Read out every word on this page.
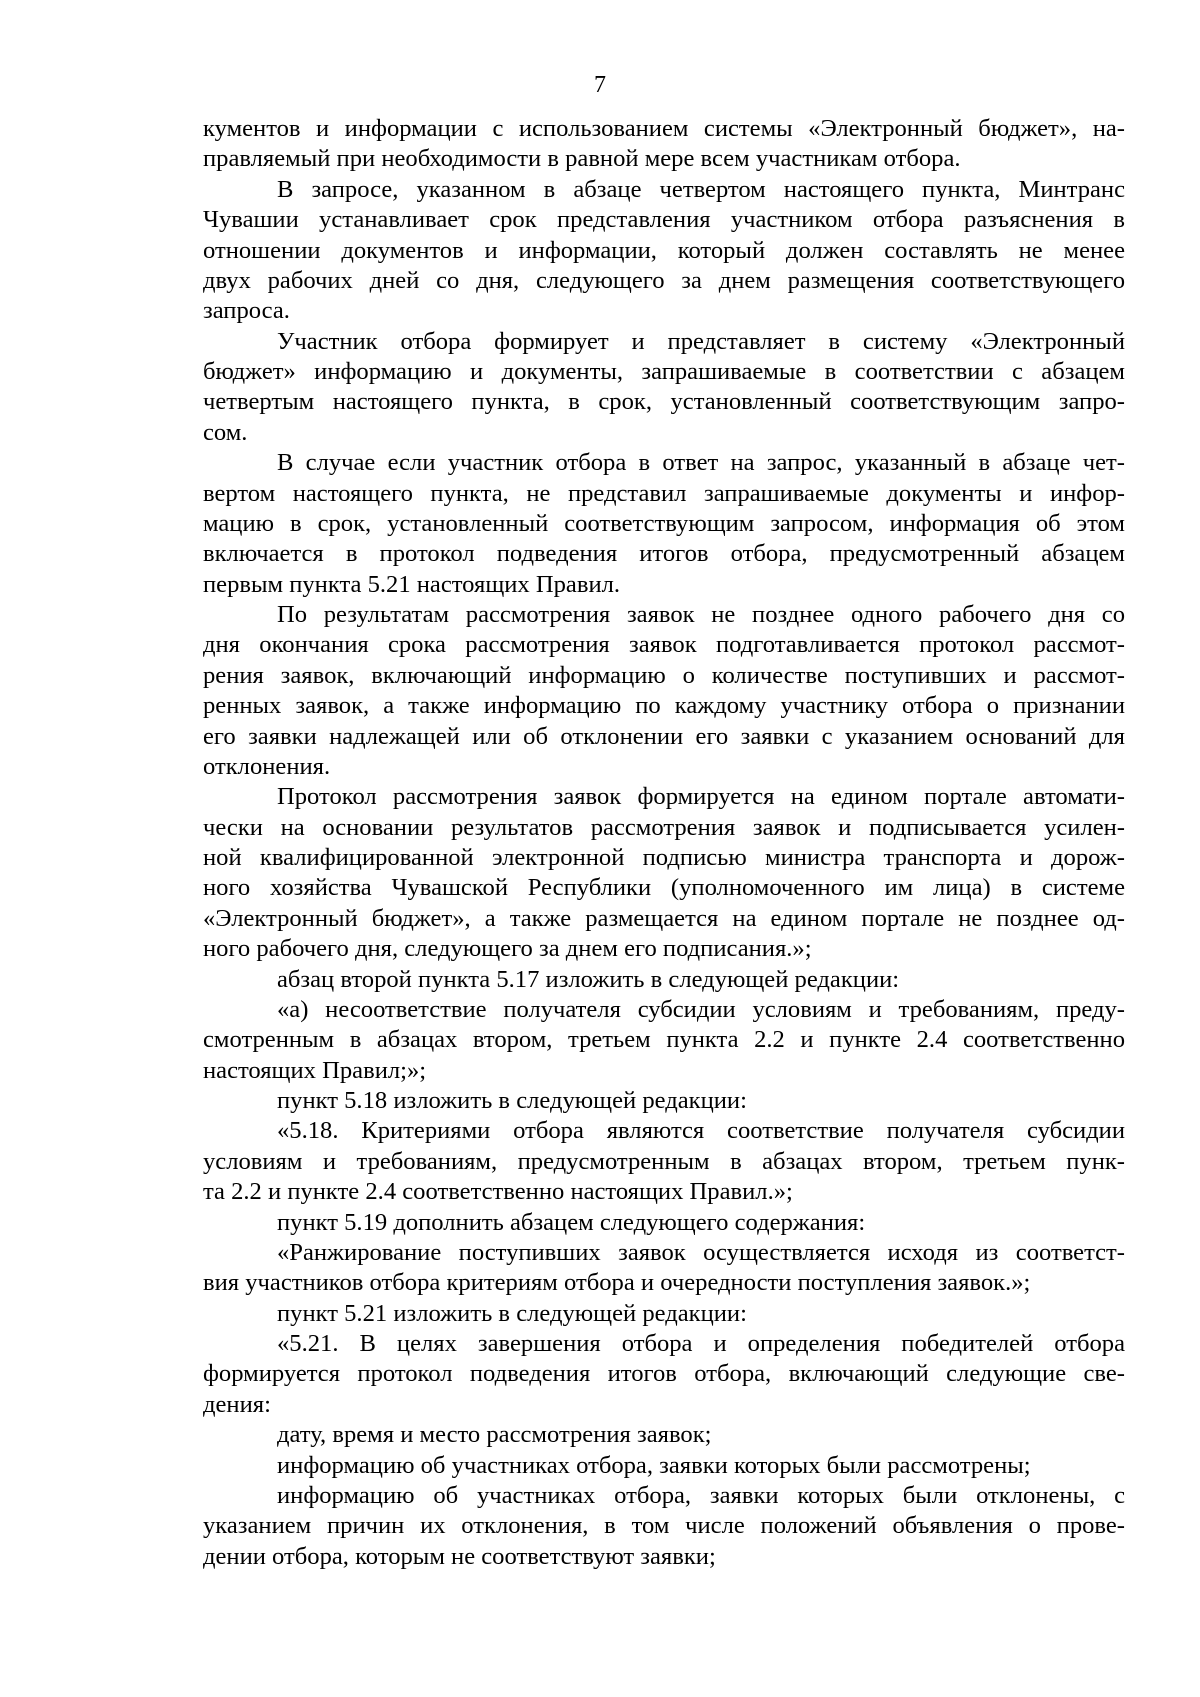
7
кументов и информации с использованием системы «Электронный бюджет», на-
правляемый при необходимости в равной мере всем участникам отбора.
В запросе, указанном в абзаце четвертом настоящего пункта, Минтранс
Чувашии устанавливает срок представления участником отбора разъяснения в
отношении документов и информации, который должен составлять не менее
двух рабочих дней со дня, следующего за днем размещения соответствующего
запроса.
Участник отбора формирует и представляет в систему «Электронный
бюджет» информацию и документы, запрашиваемые в соответствии с абзацем
четвертым настоящего пункта, в срок, установленный соответствующим запро-
сом.
В случае если участник отбора в ответ на запрос, указанный в абзаце чет-
вертом настоящего пункта, не представил запрашиваемые документы и инфор-
мацию в срок, установленный соответствующим запросом, информация об этом
включается в протокол подведения итогов отбора, предусмотренный абзацем
первым пункта 5.21 настоящих Правил.
По результатам рассмотрения заявок не позднее одного рабочего дня со
дня окончания срока рассмотрения заявок подготавливается протокол рассмот-
рения заявок, включающий информацию о количестве поступивших и рассмот-
ренных заявок, а также информацию по каждому участнику отбора о признании
его заявки надлежащей или об отклонении его заявки с указанием оснований для
отклонения.
Протокол рассмотрения заявок формируется на едином портале автомати-
чески на основании результатов рассмотрения заявок и подписывается усилен-
ной квалифицированной электронной подписью министра транспорта и дорож-
ного хозяйства Чувашской Республики (уполномоченного им лица) в системе
«Электронный бюджет», а также размещается на едином портале не позднее од-
ного рабочего дня, следующего за днем его подписания.»;
абзац второй пункта 5.17 изложить в следующей редакции:
«а) несоответствие получателя субсидии условиям и требованиям, преду-
смотренным в абзацах втором, третьем пункта 2.2 и пункте 2.4 соответственно
настоящих Правил;»;
пункт 5.18 изложить в следующей редакции:
«5.18. Критериями отбора являются соответствие получателя субсидии
условиям и требованиям, предусмотренным в абзацах втором, третьем пунк-
та 2.2 и пункте 2.4 соответственно настоящих Правил.»;
пункт 5.19 дополнить абзацем следующего содержания:
«Ранжирование поступивших заявок осуществляется исходя из соответст-
вия участников отбора критериям отбора и очередности поступления заявок.»;
пункт 5.21 изложить в следующей редакции:
«5.21. В целях завершения отбора и определения победителей отбора
формируется протокол подведения итогов отбора, включающий следующие све-
дения:
дату, время и место рассмотрения заявок;
информацию об участниках отбора, заявки которых были рассмотрены;
информацию об участниках отбора, заявки которых были отклонены, с
указанием причин их отклонения, в том числе положений объявления о прове-
дении отбора, которым не соответствуют заявки;
